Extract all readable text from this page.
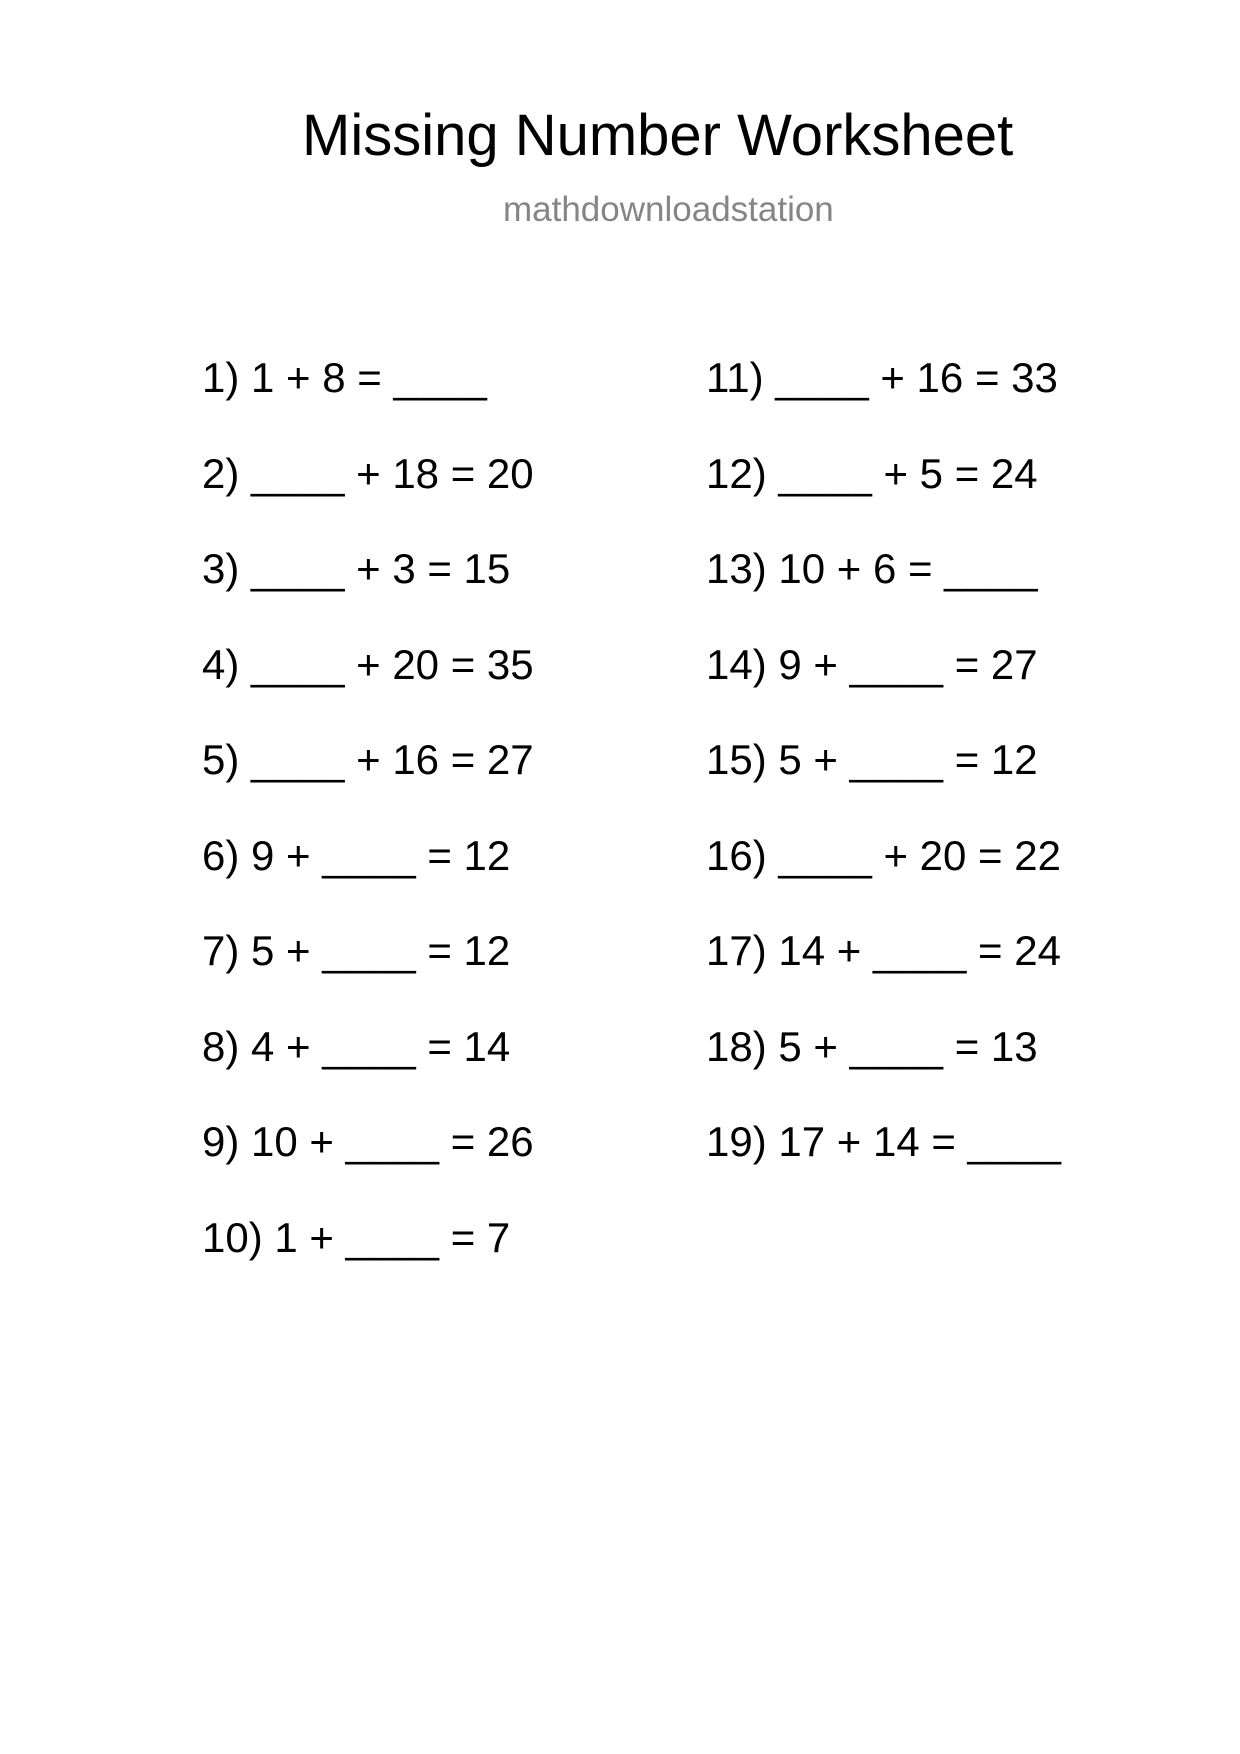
Missing Number Worksheet
mathdownloadstation
1) 1 + 8 = ____
2) ____ + 18 = 20
3) ____ + 3 = 15
4) ____ + 20 = 35
5) ____ + 16 = 27
6) 9 + ____ = 12
7) 5 + ____ = 12
8) 4 + ____ = 14
9) 10 + ____ = 26
10) 1 + ____ = 7
11) ____ + 16 = 33
12) ____ + 5 = 24
13) 10 + 6 = ____
14) 9 + ____ = 27
15) 5 + ____ = 12
16) ____ + 20 = 22
17) 14 + ____ = 24
18) 5 + ____ = 13
19) 17 + 14 = ____
